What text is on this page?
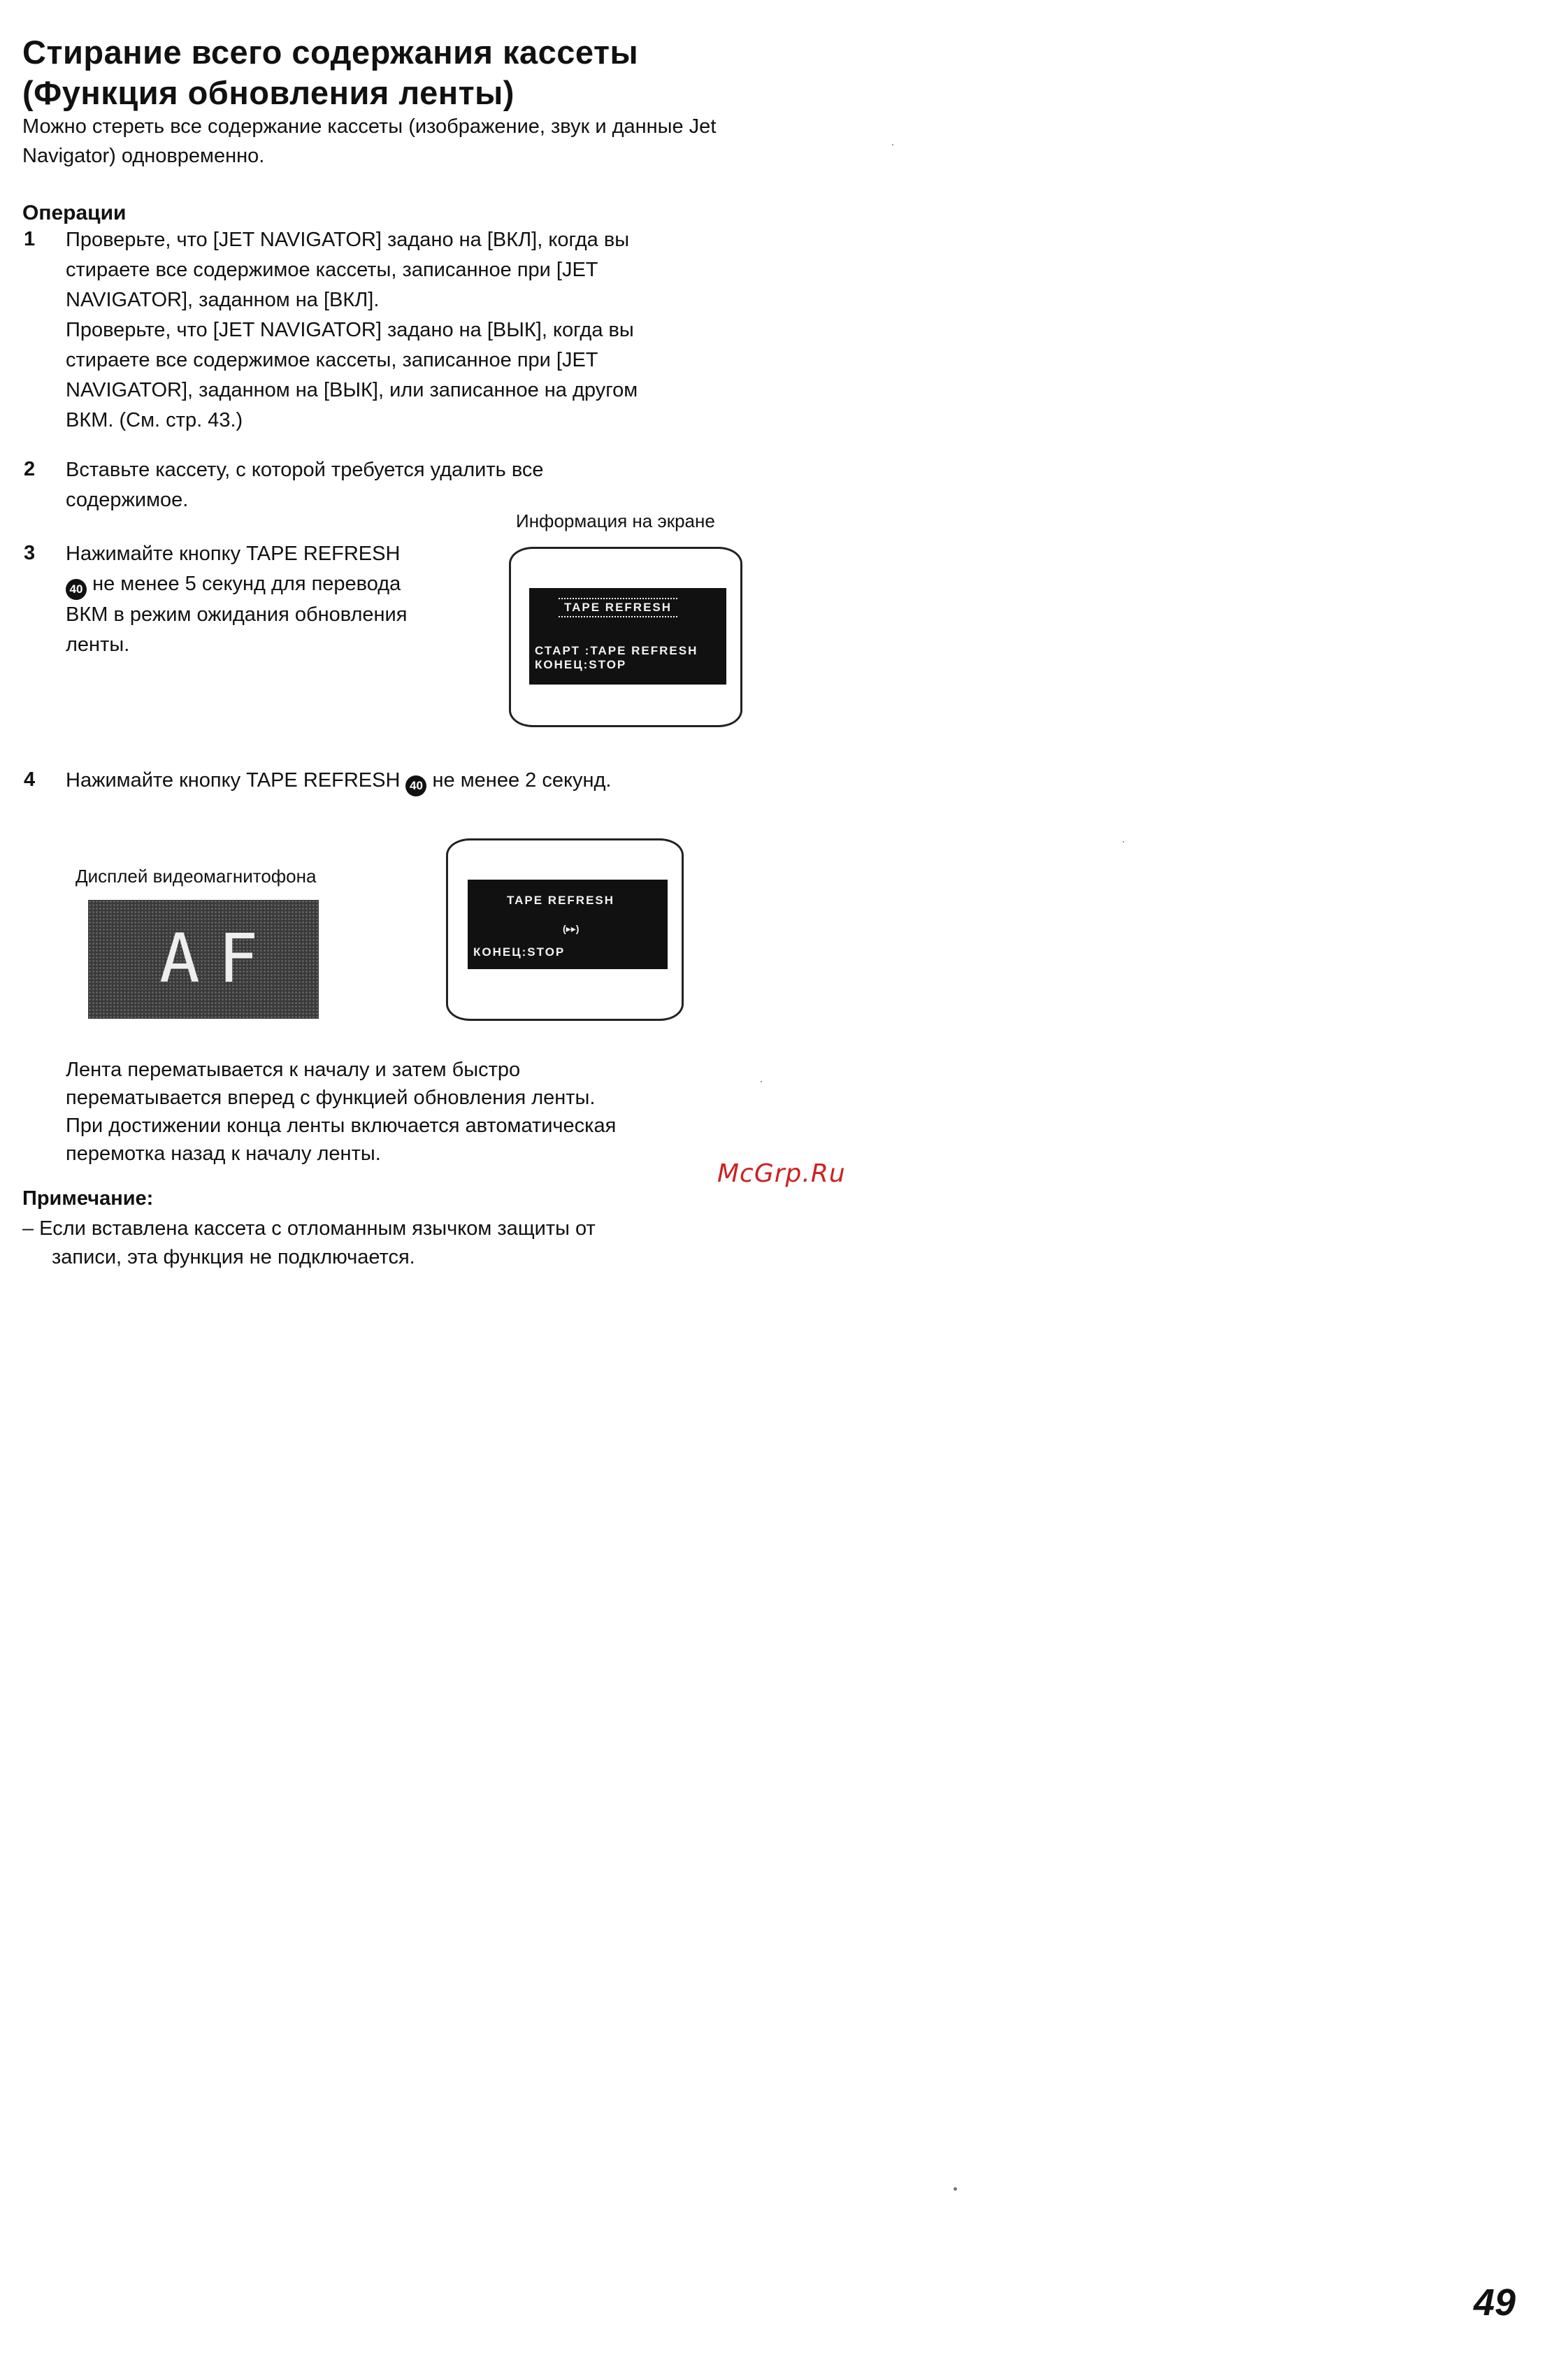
Стирание всего содержания кассеты
(Функция обновления ленты)
Можно стереть все содержание кассеты (изображение, звук и данные Jet Navigator) одновременно.
Операции
1 Проверьте, что [JET NAVIGATOR] задано на [ВКЛ], когда вы
стираете все содержимое кассеты, записанное при [JET
NAVIGATOR], заданном на [ВКЛ].
Проверьте, что [JET NAVIGATOR] задано на [ВЫК], когда вы
стираете все содержимое кассеты, записанное при [JET
NAVIGATOR], заданном на [ВЫК], или записанное на другом
ВКМ. (См. стр. 43.)
2 Вставьте кассету, с которой требуется удалить все
содержимое.
3 Нажимайте кнопку TAPE REFRESH
40 не менее 5 секунд для перевода
ВКМ в режим ожидания обновления
ленты.
Информация на экране
TAPE REFRESH
СТАРТ :TAPE REFRESH
КОНЕЦ:STOP
4 Нажимайте кнопку TAPE REFRESH 40 не менее 2 секунд.
Дисплей видеомагнитофона
AF
TAPE REFRESH
(▸▸)
КОНЕЦ:STOP
Лента перематывается к началу и затем быстро
перематывается вперед с функцией обновления ленты.
При достижении конца ленты включается автоматическая
перемотка назад к началу ленты.
McGrp.Ru
Примечание:
– Если вставлена кассета с отломанным язычком защиты от
запиcи, эта функция не подключается.
49
